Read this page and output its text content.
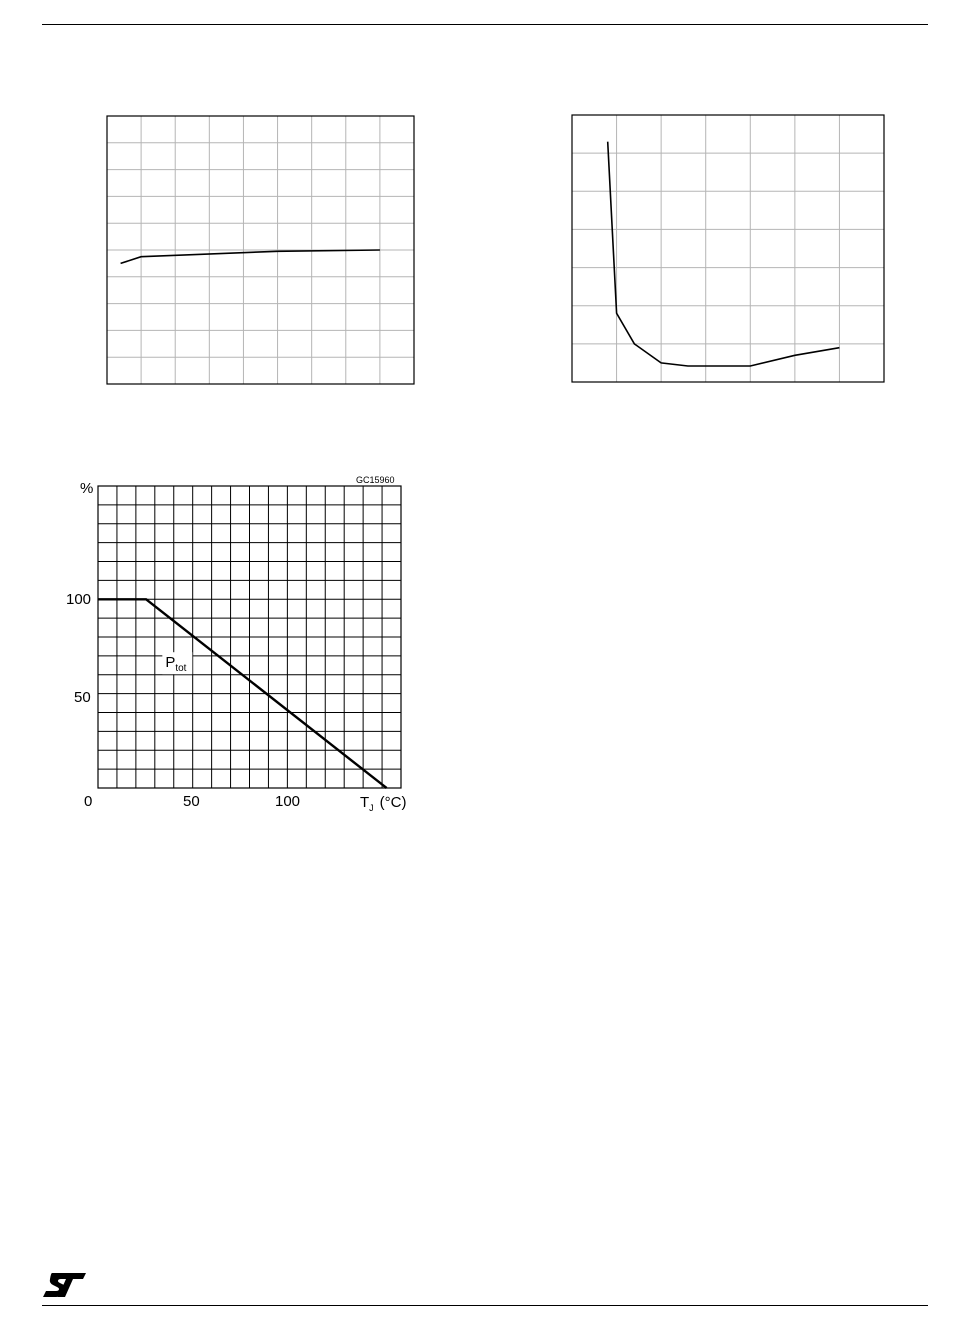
$P_{tot}$
GC15960
%
100
50
0	50	100	$T_J$ (°C)
